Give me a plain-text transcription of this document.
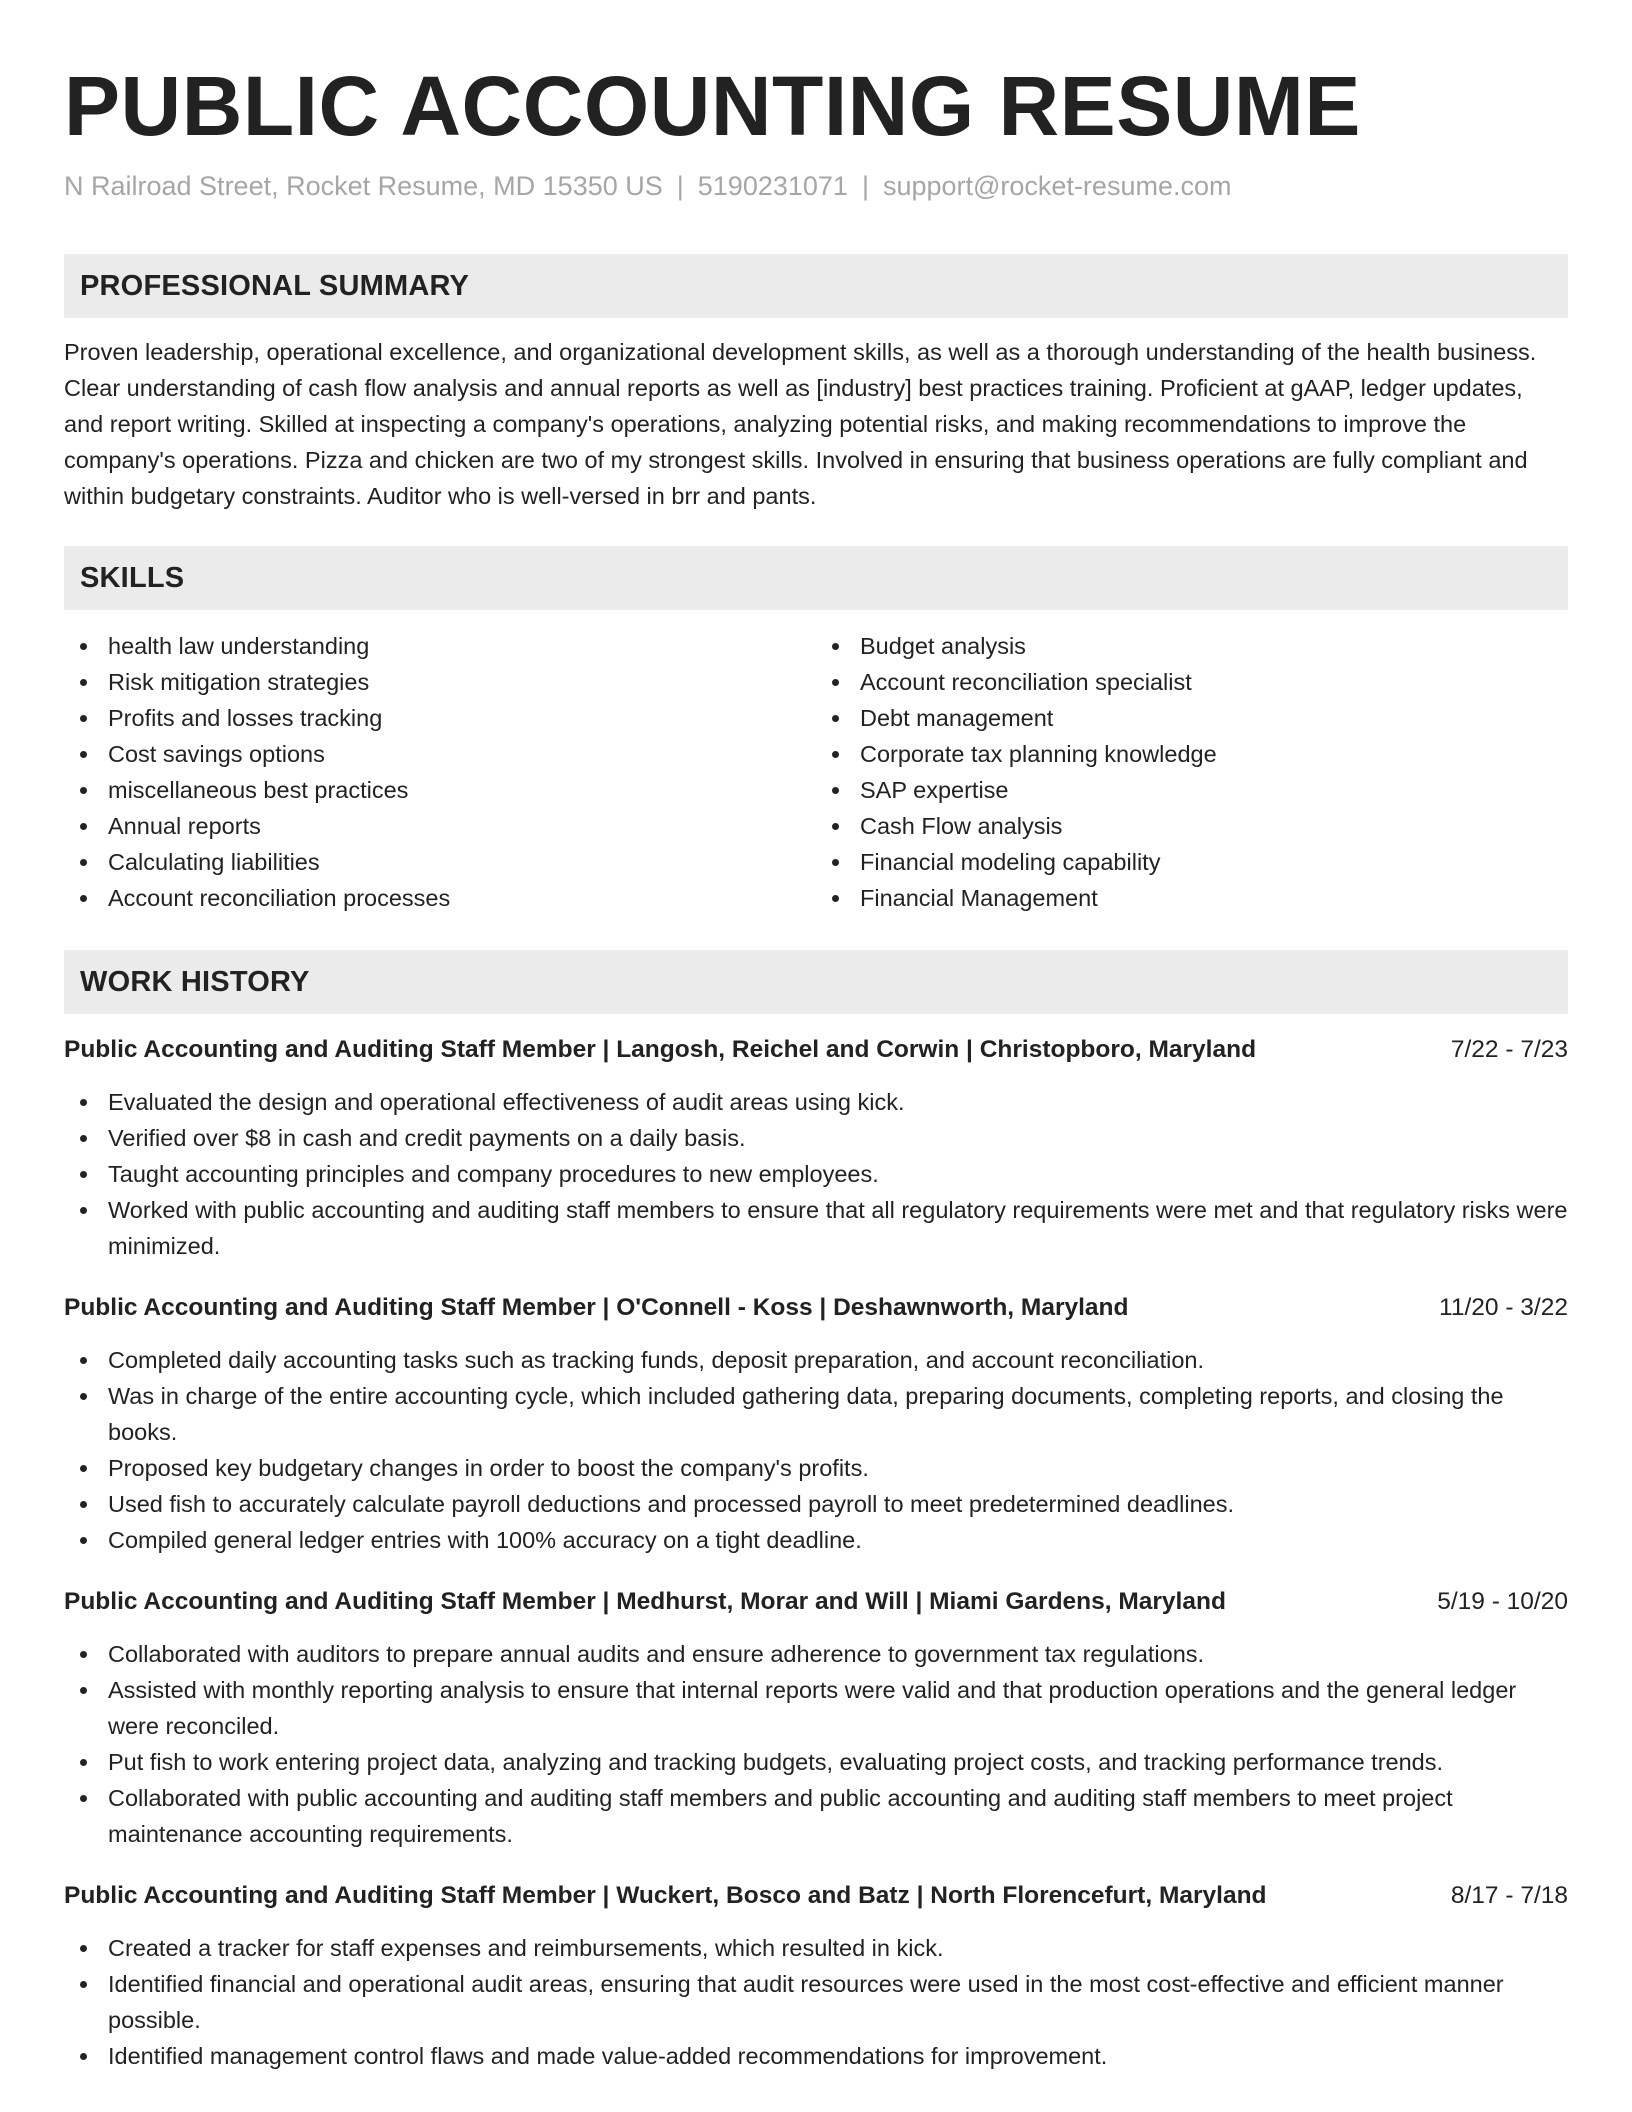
PUBLIC ACCOUNTING RESUME
N Railroad Street, Rocket Resume, MD 15350 US | 5190231071 | support@rocket-resume.com
PROFESSIONAL SUMMARY
Proven leadership, operational excellence, and organizational development skills, as well as a thorough understanding of the health business. Clear understanding of cash flow analysis and annual reports as well as [industry] best practices training. Proficient at gAAP, ledger updates, and report writing. Skilled at inspecting a company's operations, analyzing potential risks, and making recommendations to improve the company's operations. Pizza and chicken are two of my strongest skills. Involved in ensuring that business operations are fully compliant and within budgetary constraints. Auditor who is well-versed in brr and pants.
SKILLS
health law understanding
Risk mitigation strategies
Profits and losses tracking
Cost savings options
miscellaneous best practices
Annual reports
Calculating liabilities
Account reconciliation processes
Budget analysis
Account reconciliation specialist
Debt management
Corporate tax planning knowledge
SAP expertise
Cash Flow analysis
Financial modeling capability
Financial Management
WORK HISTORY
Public Accounting and Auditing Staff Member | Langosh, Reichel and Corwin | Christopboro, Maryland	7/22 - 7/23
Evaluated the design and operational effectiveness of audit areas using kick.
Verified over $8 in cash and credit payments on a daily basis.
Taught accounting principles and company procedures to new employees.
Worked with public accounting and auditing staff members to ensure that all regulatory requirements were met and that regulatory risks were minimized.
Public Accounting and Auditing Staff Member | O'Connell - Koss | Deshawnworth, Maryland	11/20 - 3/22
Completed daily accounting tasks such as tracking funds, deposit preparation, and account reconciliation.
Was in charge of the entire accounting cycle, which included gathering data, preparing documents, completing reports, and closing the books.
Proposed key budgetary changes in order to boost the company's profits.
Used fish to accurately calculate payroll deductions and processed payroll to meet predetermined deadlines.
Compiled general ledger entries with 100% accuracy on a tight deadline.
Public Accounting and Auditing Staff Member | Medhurst, Morar and Will | Miami Gardens, Maryland	5/19 - 10/20
Collaborated with auditors to prepare annual audits and ensure adherence to government tax regulations.
Assisted with monthly reporting analysis to ensure that internal reports were valid and that production operations and the general ledger were reconciled.
Put fish to work entering project data, analyzing and tracking budgets, evaluating project costs, and tracking performance trends.
Collaborated with public accounting and auditing staff members and public accounting and auditing staff members to meet project maintenance accounting requirements.
Public Accounting and Auditing Staff Member | Wuckert, Bosco and Batz | North Florencefurt, Maryland	8/17 - 7/18
Created a tracker for staff expenses and reimbursements, which resulted in kick.
Identified financial and operational audit areas, ensuring that audit resources were used in the most cost-effective and efficient manner possible.
Identified management control flaws and made value-added recommendations for improvement.
